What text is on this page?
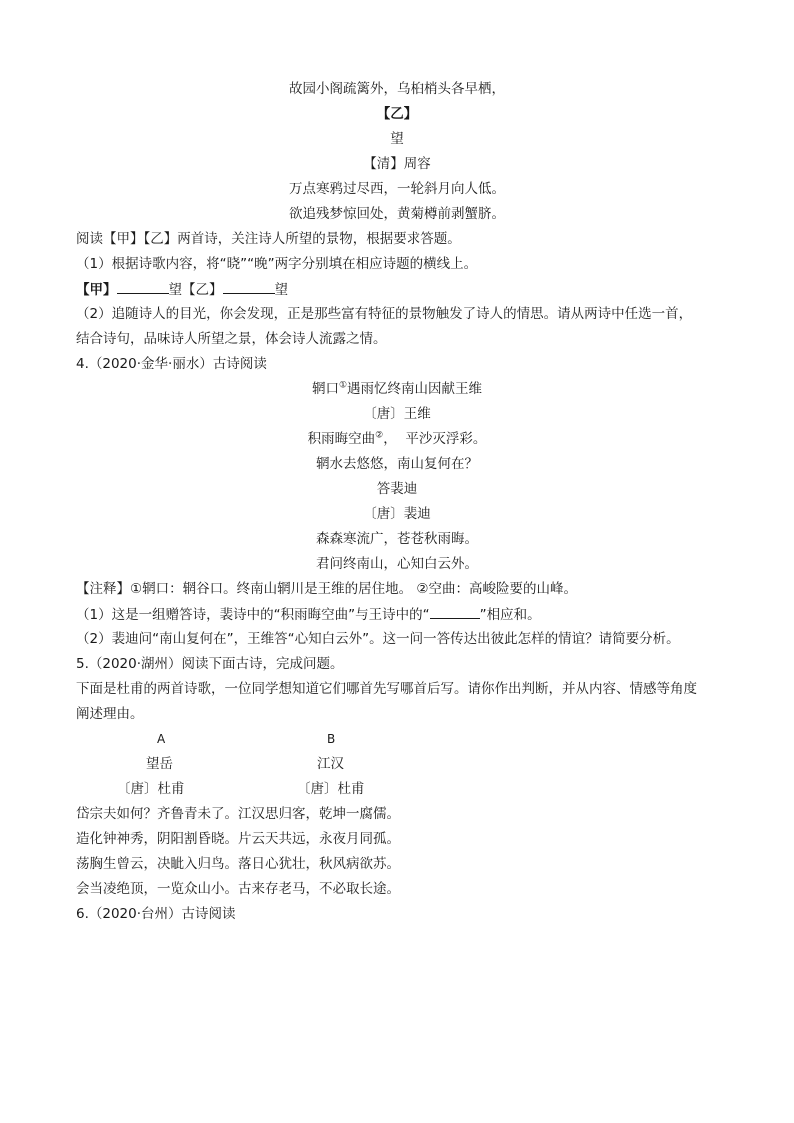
故园小阁疏篱外，乌桕梢头各早栖，
【乙】
望
【清】周容
万点寒鸦过尽西，一轮斜月向人低。
欲追残梦惊回处，黄菊樽前剥蟹脐。
阅读【甲】【乙】两首诗，关注诗人所望的景物，根据要求答题。
（1）根据诗歌内容，将“晓”“晚”两字分别填在相应诗题的横线上。
【甲】	望【乙】	望
（2）追随诗人的目光，你会发现，正是那些富有特征的景物触发了诗人的情思。请从两诗中任选一首，
结合诗句，品味诗人所望之景，体会诗人流露之情。
4.（2020·金华·丽水）古诗阅读
辋口①遇雨忆终南山因献王维
〔唐〕王维
积雨晦空曲②，  平沙灭浮彩。
辋水去悠悠，南山复何在？
答裴迪
〔唐〕裴迪
森森寒流广，苍苍秋雨晦。
君问终南山，心知白云外。
【注释】①辋口：辋谷口。终南山辋川是王维的居住地。 ②空曲：高峻险要的山峰。
（1）这是一组赠答诗，裴诗中的“积雨晦空曲”与王诗中的“	”相应和。
（2）裴迪问“南山复何在”，王维答“心知白云外”。这一问一答传达出彼此怎样的情谊？请简要分析。
5.（2020·湖州）阅读下面古诗，完成问题。
下面是杜甫的两首诗歌，一位同学想知道它们哪首先写哪首后写。请你作出判断，并从内容、情感等角度
阐述理由。
A	B
望岳	江汉
〔唐〕杜甫	〔唐〕杜甫
岱宗夫如何？齐鲁青未了。江汉思归客，乾坤一腐儒。
造化钟神秀，阴阳割昏晓。片云天共远，永夜月同孤。
荡胸生曾云，决眦入归鸟。落日心犹壮，秋风病欲苏。
会当凌绝顶，一览众山小。古来存老马，不必取长途。
6.（2020·台州）古诗阅读
